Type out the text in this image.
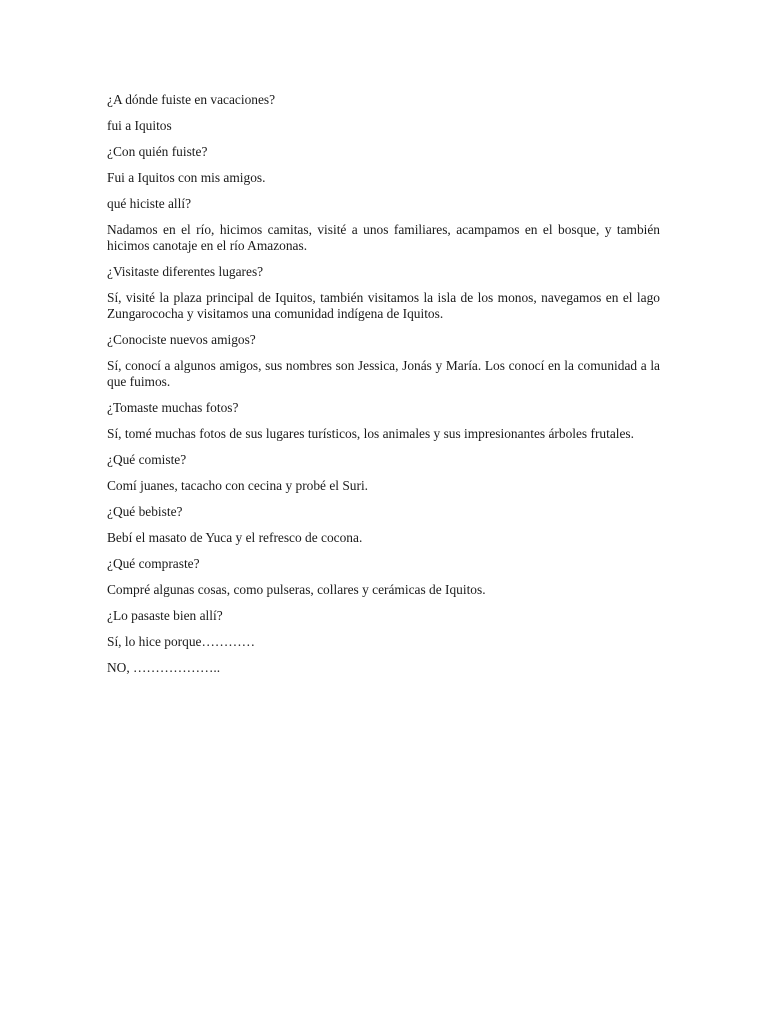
¿A dónde fuiste en vacaciones?

fui a Iquitos

¿Con quién fuiste?

Fui a Iquitos con mis amigos.

qué hiciste allí?

Nadamos en el río, hicimos camitas, visité a unos familiares, acampamos en el bosque, y también hicimos canotaje en el río Amazonas.

¿Visitaste diferentes lugares?

Sí, visité la plaza principal de Iquitos, también visitamos la isla de los monos, navegamos en el lago Zungarococha y visitamos una comunidad indígena de Iquitos.

¿Conociste nuevos amigos?

Sí, conocí a algunos amigos, sus nombres son Jessica, Jonás y María. Los conocí en la comunidad a la que fuimos.

¿Tomaste muchas fotos?

Sí, tomé muchas fotos de sus lugares turísticos, los animales y sus impresionantes árboles frutales.

¿Qué comiste?

Comí juanes, tacacho con cecina y probé el Suri.

¿Qué bebiste?

Bebí el masato de Yuca y el refresco de cocona.

¿Qué compraste?

Compré algunas cosas, como pulseras, collares y cerámicas de Iquitos.

¿Lo pasaste bien allí?

Sí, lo hice porque…………

NO, ………………..
